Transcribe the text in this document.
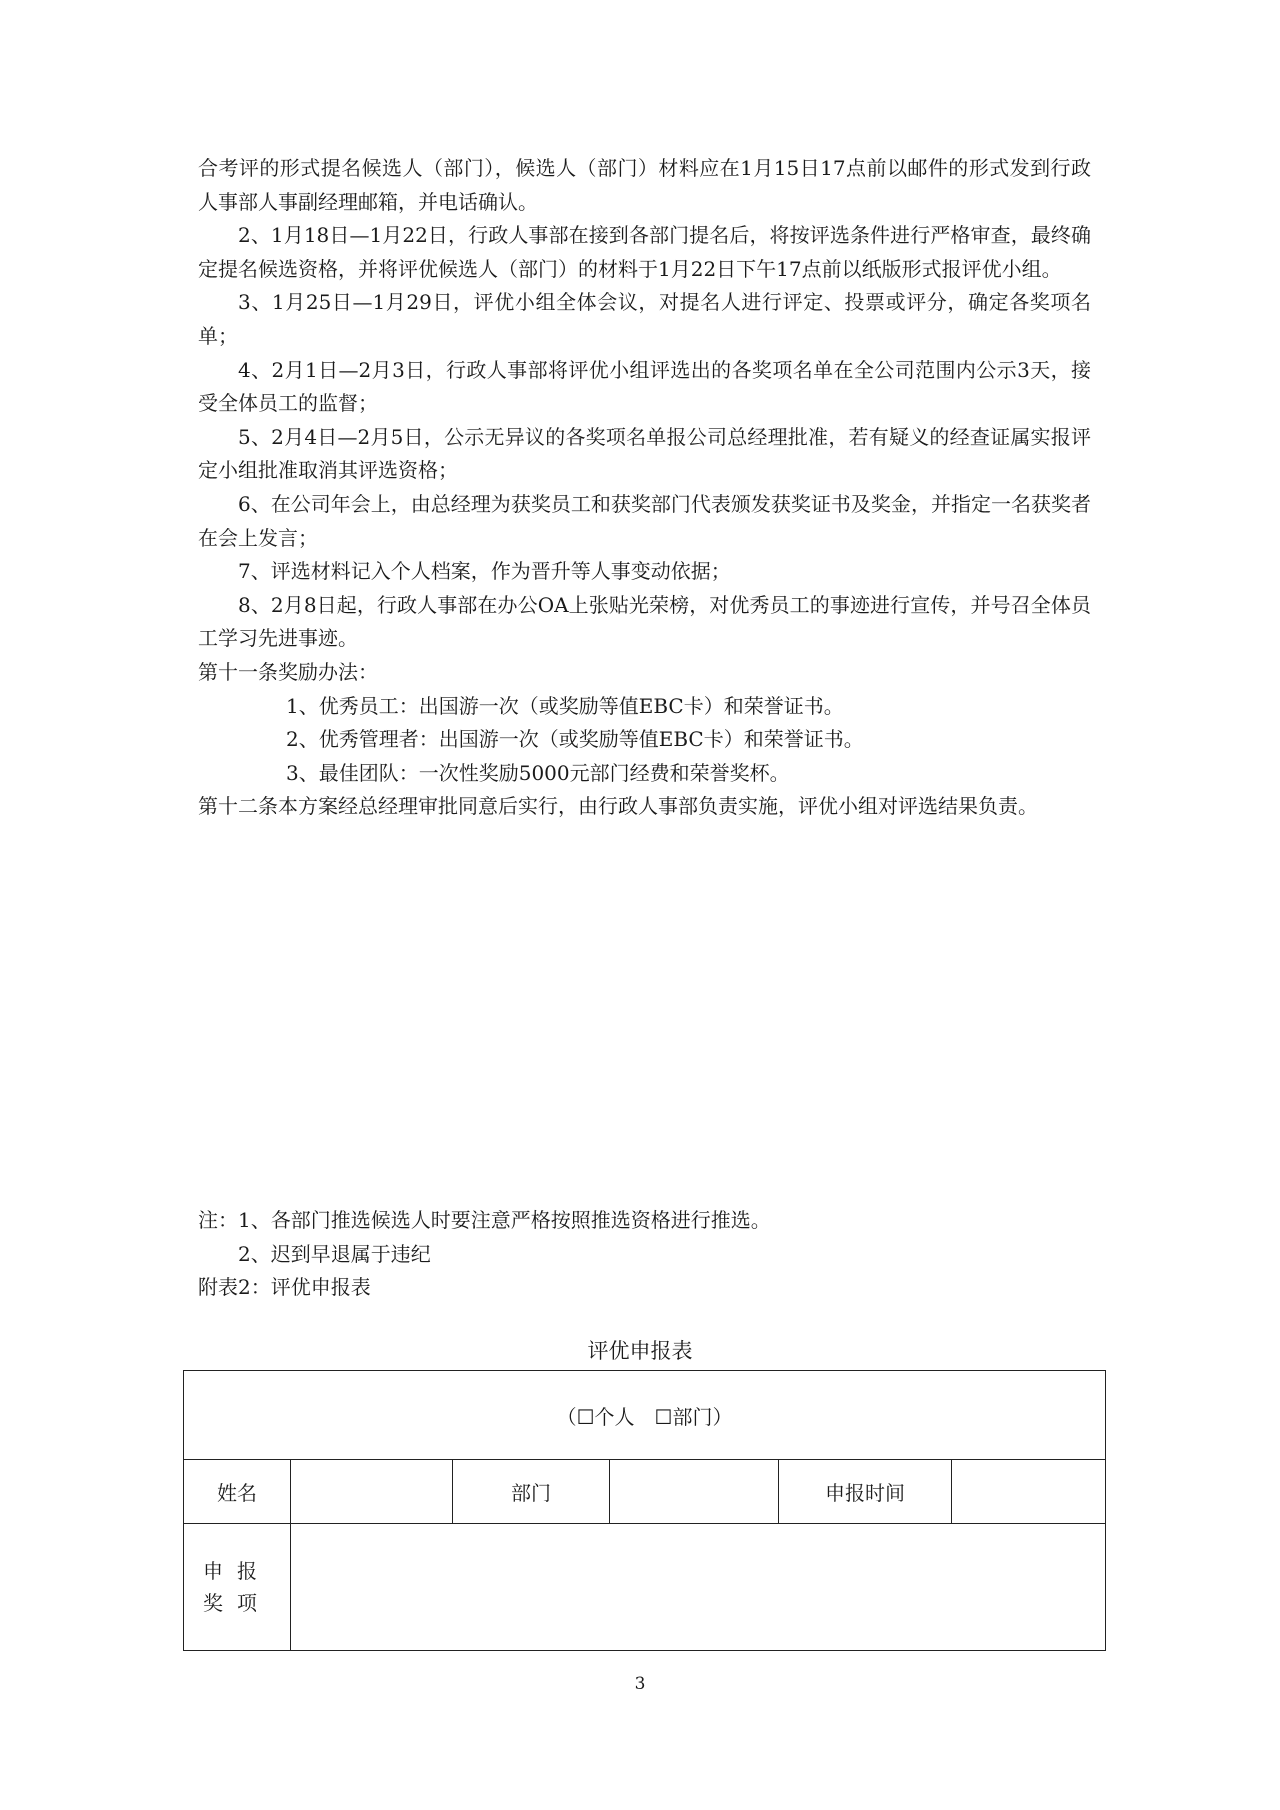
合考评的形式提名候选人（部门），候选人（部门）材料应在1月15日17点前以邮件的形式发到行政人事部人事副经理邮箱，并电话确认。

2、1月18日—1月22日，行政人事部在接到各部门提名后，将按评选条件进行严格审查，最终确定提名候选资格，并将评优候选人（部门）的材料于1月22日下午17点前以纸版形式报评优小组。

3、1月25日—1月29日，评优小组全体会议，对提名人进行评定、投票或评分，确定各奖项名单；

4、2月1日—2月3日，行政人事部将评优小组评选出的各奖项名单在全公司范围内公示3天，接受全体员工的监督；

5、2月4日—2月5日，公示无异议的各奖项名单报公司总经理批准，若有疑义的经查证属实报评定小组批准取消其评选资格；

6、在公司年会上，由总经理为获奖员工和获奖部门代表颁发获奖证书及奖金，并指定一名获奖者在会上发言；

7、评选材料记入个人档案，作为晋升等人事变动依据；

8、2月8日起，行政人事部在办公OA上张贴光荣榜，对优秀员工的事迹进行宣传，并号召全体员工学习先进事迹。

第十一条奖励办法：

1、优秀员工：出国游一次（或奖励等值EBC卡）和荣誉证书。

2、优秀管理者：出国游一次（或奖励等值EBC卡）和荣誉证书。

3、最佳团队：一次性奖励5000元部门经费和荣誉奖杯。

第十二条本方案经总经理审批同意后实行，由行政人事部负责实施，评优小组对评选结果负责。

注：1、各部门推选候选人时要注意严格按照推选资格进行推选。

2、迟到早退属于违纪

附表2：评优申报表

评优申报表
（☐个人　☐部门）					
姓名		部门		申报时间	

申报
奖项					

3
